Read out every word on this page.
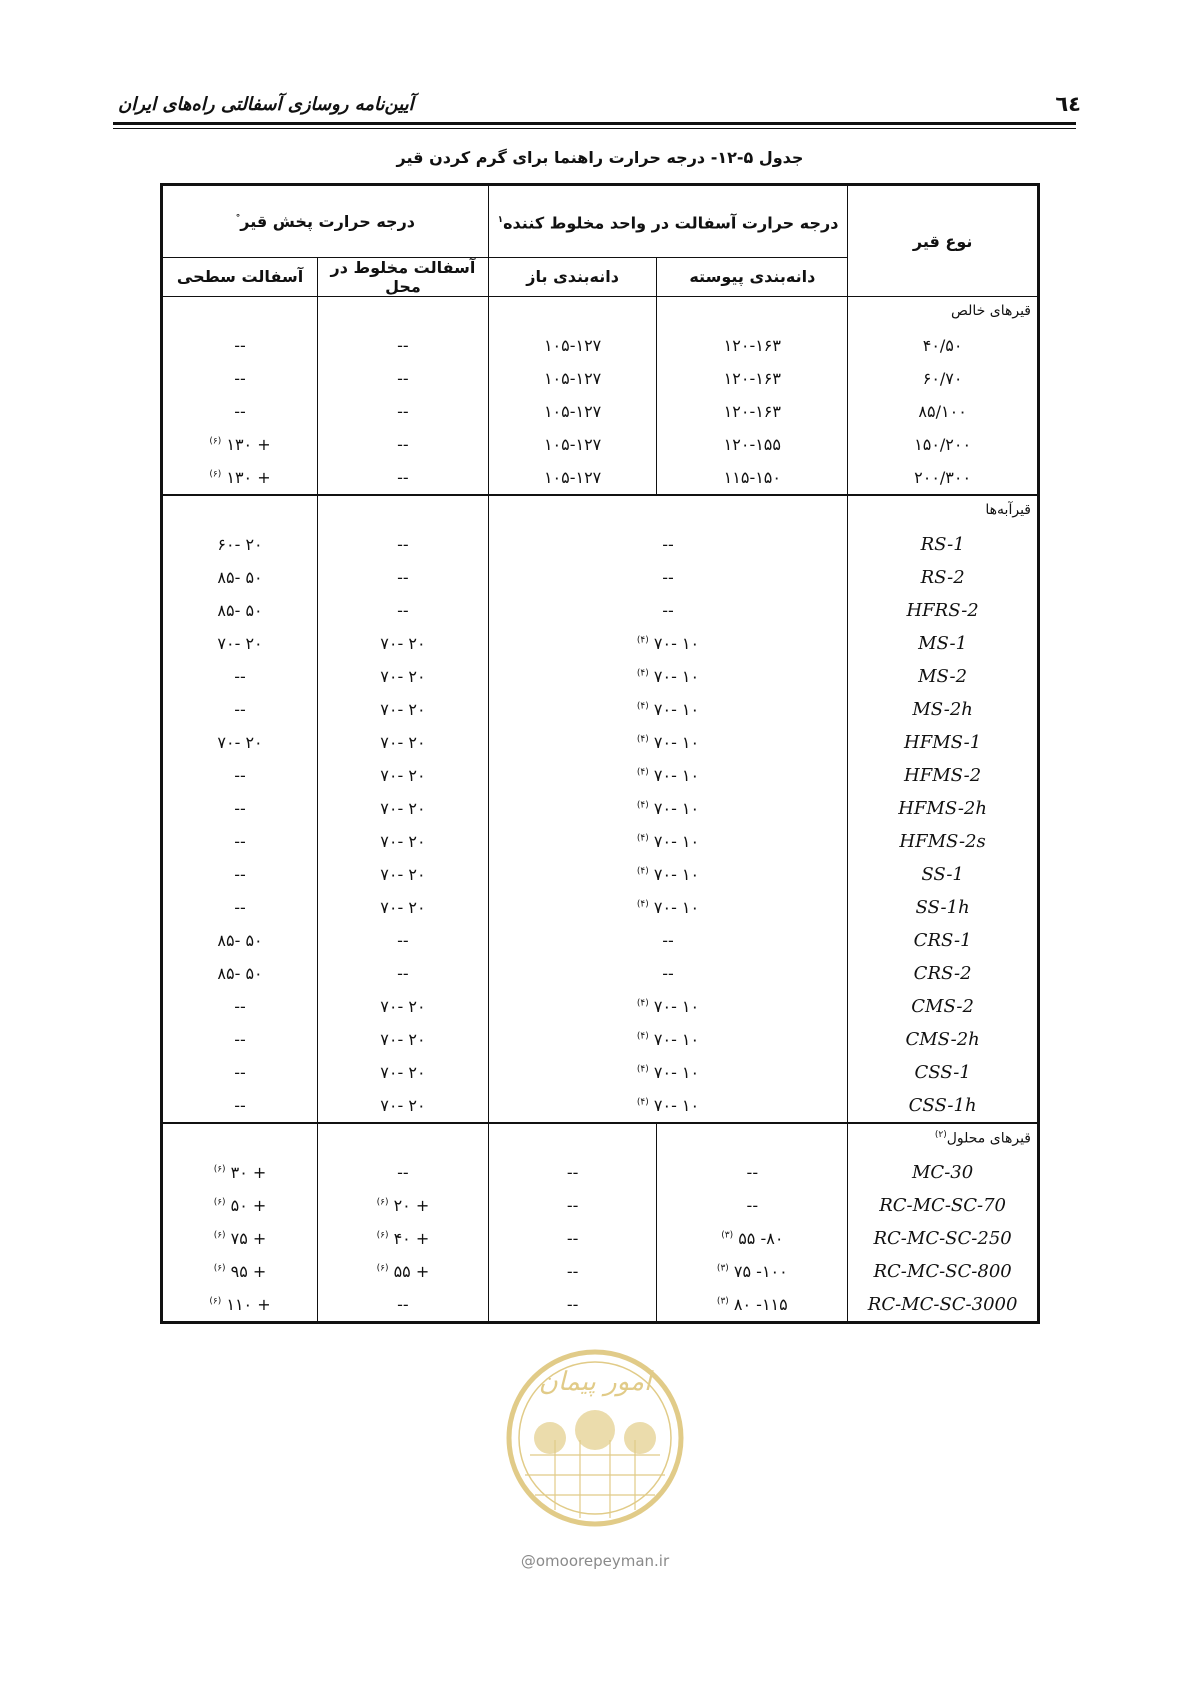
٦٤
آیین‌نامه روسازی آسفالتی راه‌های ایران
جدول ۵-۱۲- درجه حرارت راهنما برای گرم کردن قیر
نوع قیر	درجه حرارت آسفالت در واحد مخلوط کننده$^۱$		درجه حرارت پخش قیر°
	دانه‌بندی پیوسته	دانه‌بندی باز	آسفالت مخلوط در محل	آسفالت سطحی
قیرهای خالص				
۴۰/۵۰	۱۲۰-۱۶۳	۱۰۵-۱۲۷	--	--
۶۰/۷۰	۱۲۰-۱۶۳	۱۰۵-۱۲۷	--	--
۸۵/۱۰۰	۱۲۰-۱۶۳	۱۰۵-۱۲۷	--	--
۱۵۰/۲۰۰	۱۲۰-۱۵۵	۱۰۵-۱۲۷	--	+ ۱۳۰ $^{(۶)}$
۲۰۰/۳۰۰	۱۱۵-۱۵۰	۱۰۵-۱۲۷	--	+ ۱۳۰ $^{(۶)}$
قیرآبه‌ها				
RS-1	--		--	۲۰ -۶۰
RS-2	--		--	۵۰ -۸۵
HFRS-2	--		--	۵۰ -۸۵
MS-1	۱۰ -۷۰ $^{(۴)}$		۲۰ -۷۰	۲۰ -۷۰
MS-2	۱۰ -۷۰ $^{(۴)}$		۲۰ -۷۰	--
MS-2h	۱۰ -۷۰ $^{(۴)}$		۲۰ -۷۰	--
HFMS-1	۱۰ -۷۰ $^{(۴)}$		۲۰ -۷۰	۲۰ -۷۰
HFMS-2	۱۰ -۷۰ $^{(۴)}$		۲۰ -۷۰	--
HFMS-2h	۱۰ -۷۰ $^{(۴)}$		۲۰ -۷۰	--
HFMS-2s	۱۰ -۷۰ $^{(۴)}$		۲۰ -۷۰	--
SS-1	۱۰ -۷۰ $^{(۴)}$		۲۰ -۷۰	--
SS-1h	۱۰ -۷۰ $^{(۴)}$		۲۰ -۷۰	--
CRS-1	--		--	۵۰ -۸۵
CRS-2	--		--	۵۰ -۸۵
CMS-2	۱۰ -۷۰ $^{(۴)}$		۲۰ -۷۰	--
CMS-2h	۱۰ -۷۰ $^{(۴)}$		۲۰ -۷۰	--
CSS-1	۱۰ -۷۰ $^{(۴)}$		۲۰ -۷۰	--
CSS-1h	۱۰ -۷۰ $^{(۴)}$		۲۰ -۷۰	--
قیرهای محلول$^{(۲)}$				
MC-30	--	--	--	+ ۳۰ $^{(۶)}$
RC-MC-SC-70	--	--	+ ۲۰ $^{(۶)}$	+ ۵۰ $^{(۶)}$
RC-MC-SC-250	۸۰- ۵۵ $^{(۳)}$	--	+ ۴۰ $^{(۶)}$	+ ۷۵ $^{(۶)}$
RC-MC-SC-800	۱۰۰- ۷۵ $^{(۳)}$	--	+ ۵۵ $^{(۶)}$	+ ۹۵ $^{(۶)}$
RC-MC-SC-3000	۱۱۵- ۸۰ $^{(۳)}$	--	--	+ ۱۱۰ $^{(۶)}$
امور پیمان
@omoorepeyman.ir
